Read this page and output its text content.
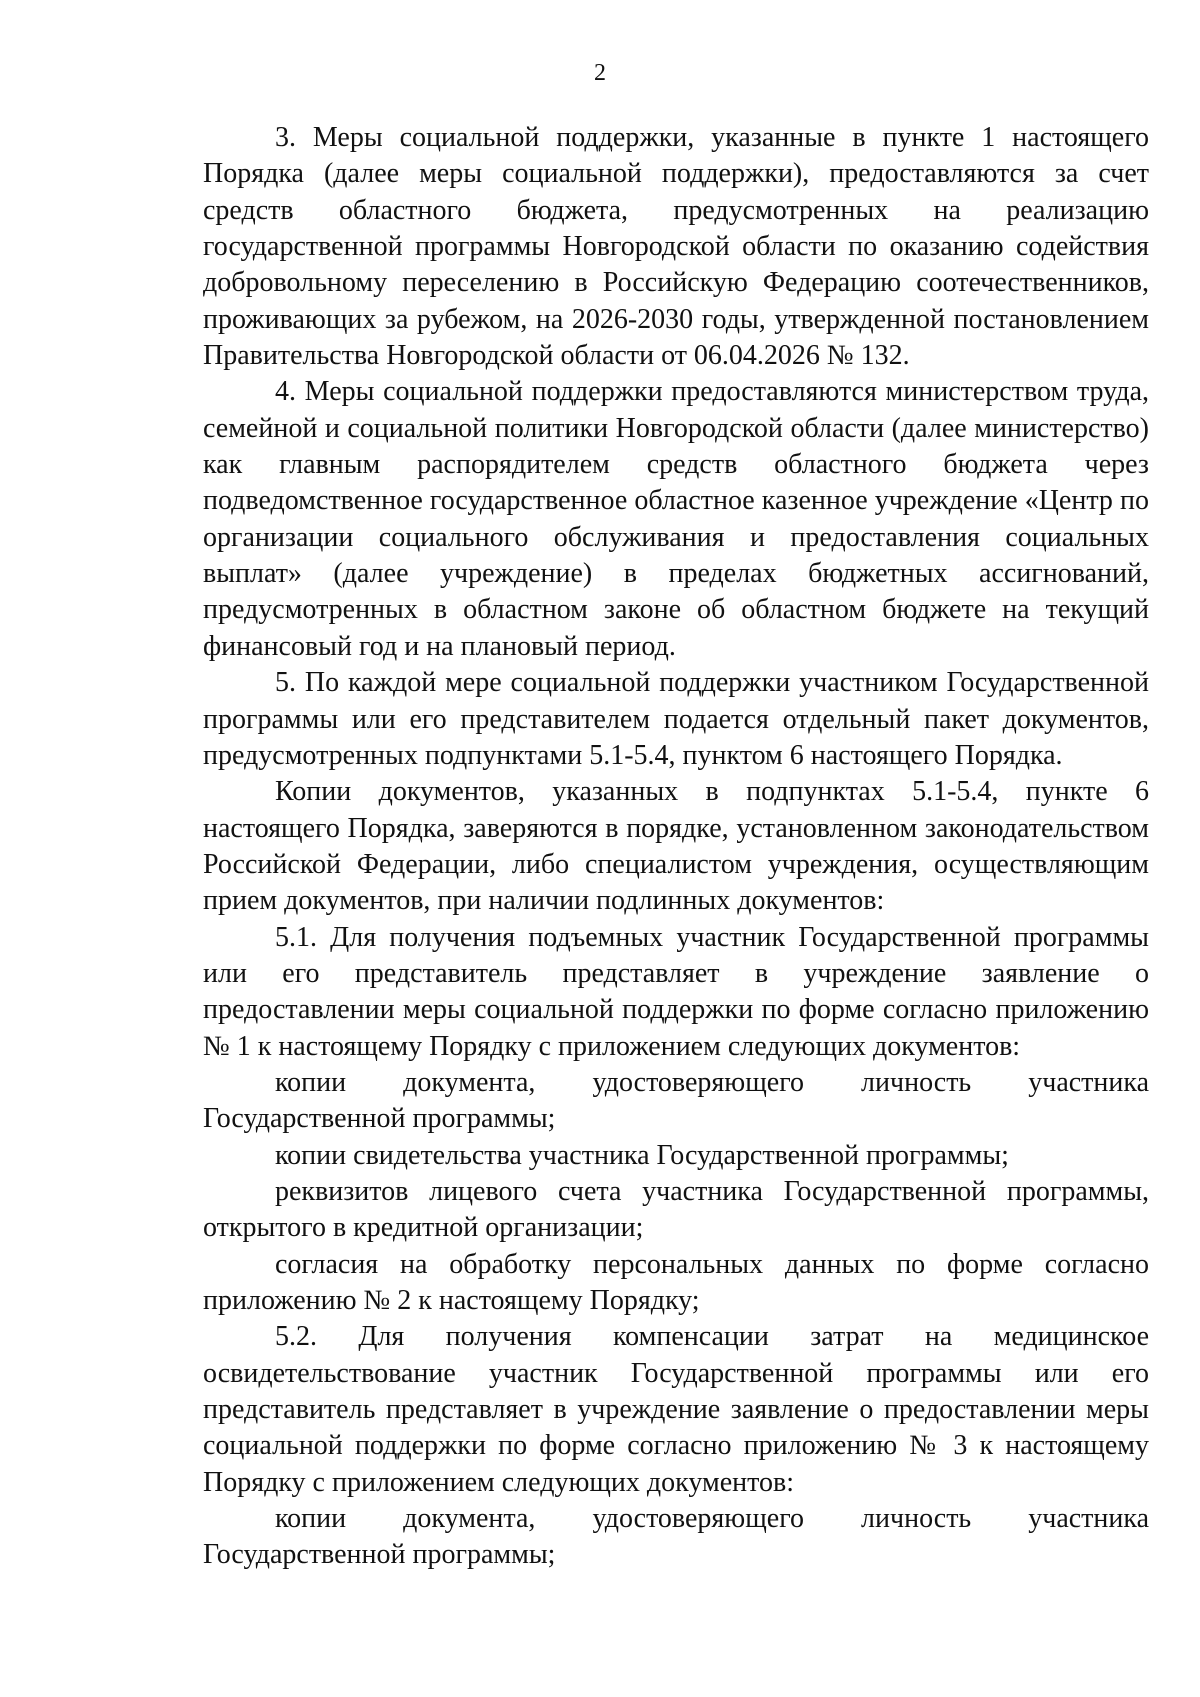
2

3. Меры социальной поддержки, указанные в пункте 1 настоящего Порядка (далее меры социальной поддержки), предоставляются за счет средств областного бюджета, предусмотренных на реализацию государственной программы Новгородской области по оказанию содействия добровольному переселению в Российскую Федерацию соотечественников, проживающих за рубежом, на 2026-2030 годы, утвержденной постановлением Правительства Новгородской области от 06.04.2026 № 132.

4. Меры социальной поддержки предоставляются министерством труда, семейной и социальной политики Новгородской области (далее министерство) как главным распорядителем средств областного бюджета через подведомственное государственное областное казенное учреждение «Центр по организации социального обслуживания и предоставления социальных выплат» (далее учреждение) в пределах бюджетных ассигнований, предусмотренных в областном законе об областном бюджете на текущий финансовый год и на плановый период.

5. По каждой мере социальной поддержки участником Государственной программы или его представителем подается отдельный пакет документов, предусмотренных подпунктами 5.1-5.4, пунктом 6 настоящего Порядка.

Копии документов, указанных в подпунктах 5.1-5.4, пункте 6 настоящего Порядка, заверяются в порядке, установленном законодательством Российской Федерации, либо специалистом учреждения, осуществляющим прием документов, при наличии подлинных документов:

5.1. Для получения подъемных участник Государственной программы или его представитель представляет в учреждение заявление о предоставлении меры социальной поддержки по форме согласно приложению № 1 к настоящему Порядку с приложением следующих документов:

копии документа, удостоверяющего личность участника Государственной программы;

копии свидетельства участника Государственной программы;

реквизитов лицевого счета участника Государственной программы, открытого в кредитной организации;

согласия на обработку персональных данных по форме согласно приложению № 2 к настоящему Порядку;

5.2. Для получения компенсации затрат на медицинское освидетельствование участник Государственной программы или его представитель представляет в учреждение заявление о предоставлении меры социальной поддержки по форме согласно приложению № 3 к настоящему Порядку с приложением следующих документов:

копии документа, удостоверяющего личность участника Государственной программы;
